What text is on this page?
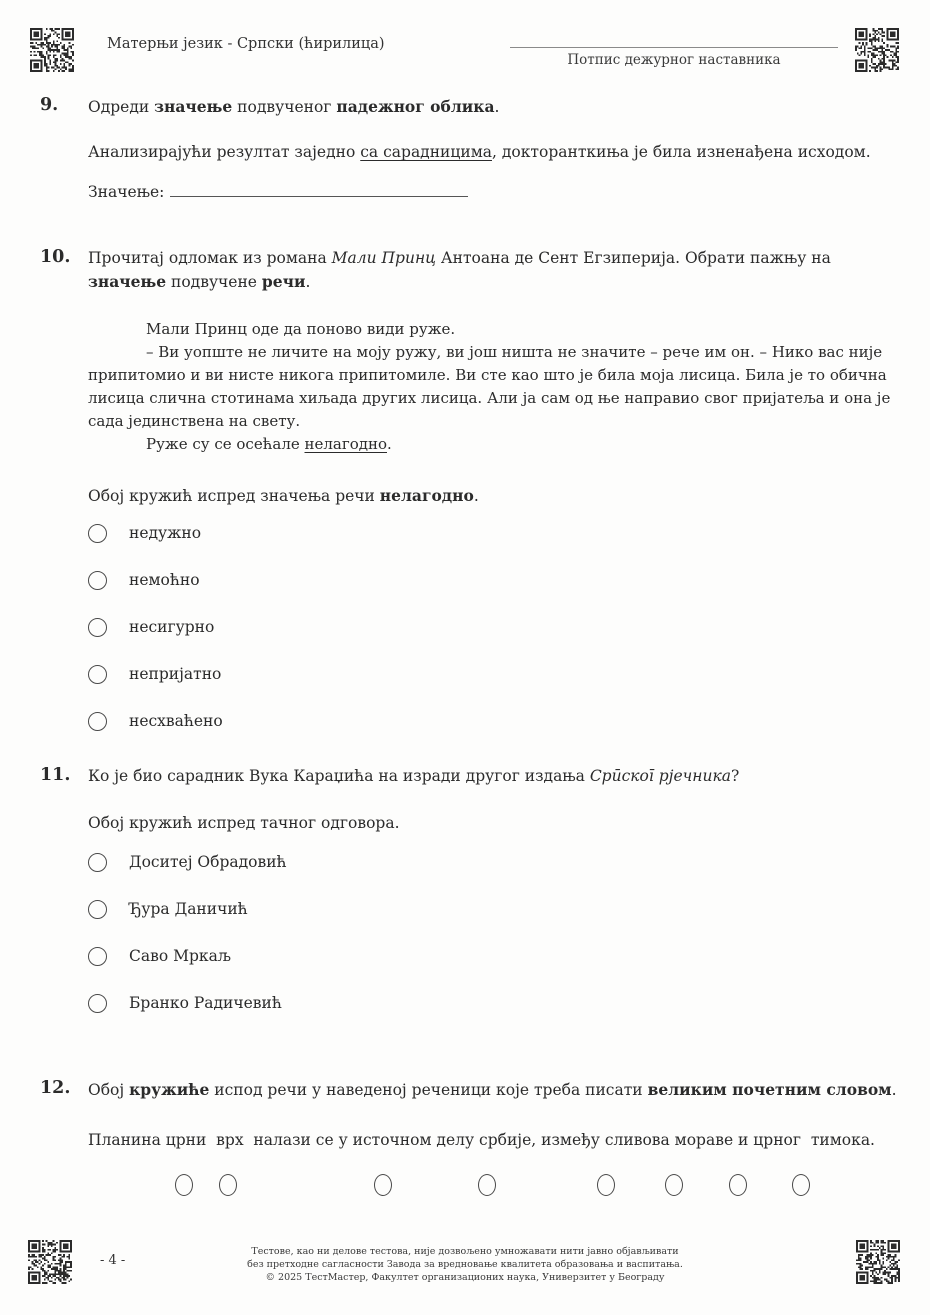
Матерњи језик - Српски (ћирилица)
Потпис дежурног наставника
9. Одреди значење подвученог падежног облика.
Анализирајући резултат заједно са сарадницима, докторанткиња је била изненађена исходом.
Значење:
10. Прочитај одломак из романа Мали Принц Антоана де Сент Егзиперија. Обрати пажњу на значење подвучене речи.
Мали Принц оде да поново види руже.
– Ви уопште не личите на моју ружу, ви још ништа не значите – рече им он. – Нико вас није
припитомио и ви нисте никога припитомиле. Ви сте као што је била моја лисица. Била је то обична
лисица слична стотинама хиљада других лисица. Али ја сам од ње направио свог пријатеља и она је
сада јединствена на свету.
Руже су се осећале нелагодно.
Обој кружић испред значења речи нелагодно.
недужно
немоћно
несигурно
непријатно
несхваћено
11. Ко је био сарадник Вука Караџића на изради другог издања Срūскоī рјечника?
Обој кружић испред тачног одговора.
Доситеј Обрадовић
Ђура Даничић
Саво Мркаљ
Бранко Радичевић
12. Обој кружиће испод речи у наведеној реченици које треба писати великим почетним словом.
Планина црни  врх  налази се у источном делу србије, између сливова мораве и црног  тимока.
- 4 -
Тестове, као ни делове тестова, није дозвољено умножавати нити јавно објављивати
без претходне сагласности Завода за вредновање квалитета образовања и васпитања.
© 2025 ТестМастер, Факултет организационих наука, Универзитет у Београду
